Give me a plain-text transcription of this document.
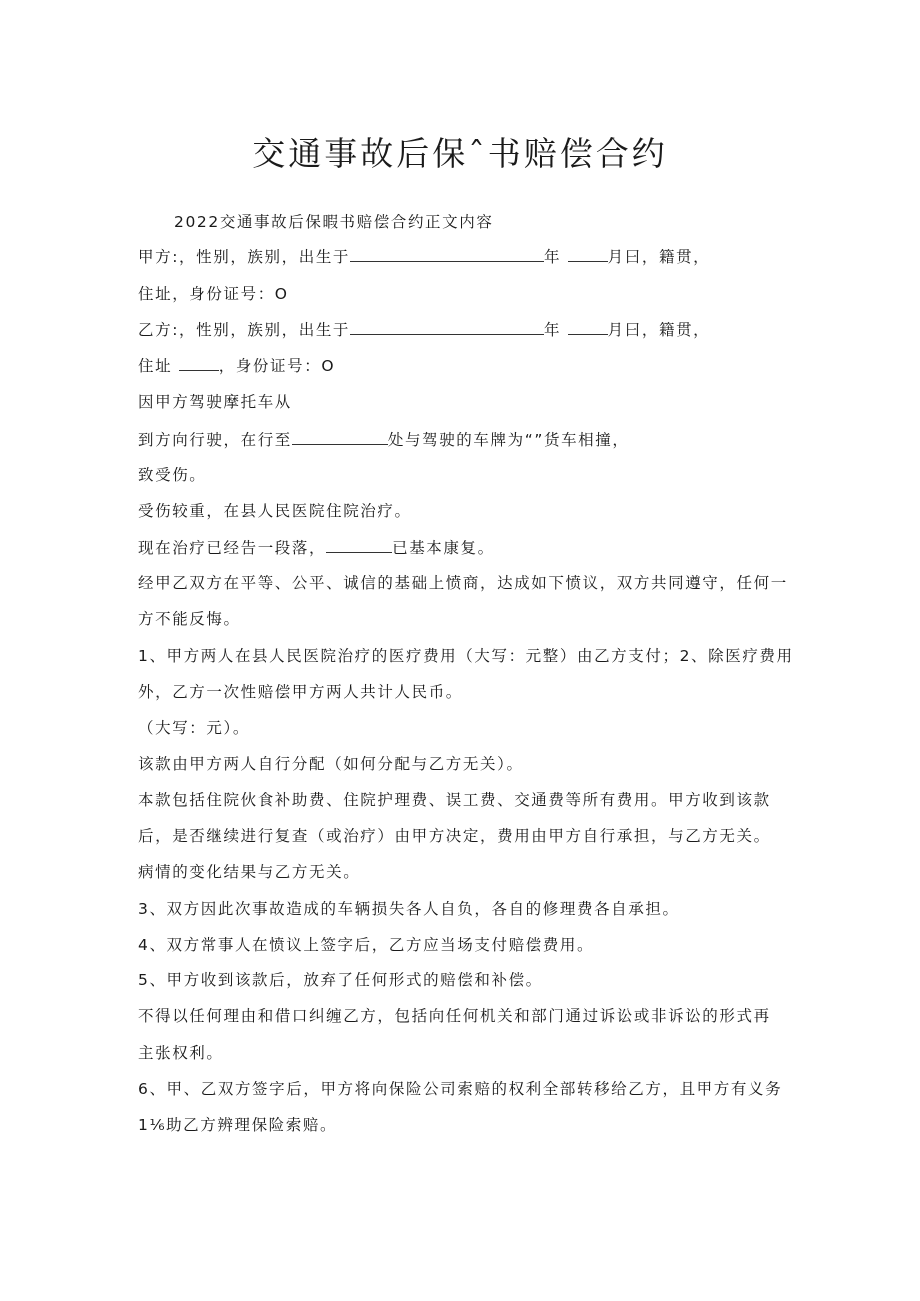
交通事故后保ˆ书赔偿合约
2022交通事故后保暇书赔偿合约正文内容
甲方:，性别，族别，出生于	年	月曰，籍贯，
住址，身份证号：O
乙方:，性别，族别，出生于	年	月曰，籍贯，
住址	，身份证号：O
因甲方驾驶摩托车从
到方向行驶，在行至	处与驾驶的车牌为“”货车相撞，
致受伤。
受伤较重，在县人民医院住院治疗。
现在治疗已经告一段落，	已基本康复。
经甲乙双方在平等、公平、诚信的基础上愤商，达成如下愤议，双方共同遵守，任何一
方不能反悔。
1、甲方两人在县人民医院治疗的医疗费用（大写：元整）由乙方支付；2、除医疗费用
外，乙方一次性赔偿甲方两人共计人民币。
（大写：元）。
该款由甲方两人自行分配（如何分配与乙方无关）。
本款包括住院伙食补助费、住院护理费、误工费、交通费等所有费用。甲方收到该款
后，是否继续进行复查（或治疗）由甲方决定，费用由甲方自行承担，与乙方无关。
病情的变化结果与乙方无关。
3、双方因此次事故造成的车辆损失各人自负，各自的修理费各自承担。
4、双方常事人在愤议上签字后，乙方应当场支付赔偿费用。
5、甲方收到该款后，放弃了任何形式的赔偿和补偿。
不得以任何理由和借口纠缠乙方，包括向任何机关和部门通过诉讼或非诉讼的形式再
主张权利。
6、甲、乙双方签字后，甲方将向保险公司索赔的权利全部转移给乙方，且甲方有义务
1⅙助乙方辨理保险索赔。
